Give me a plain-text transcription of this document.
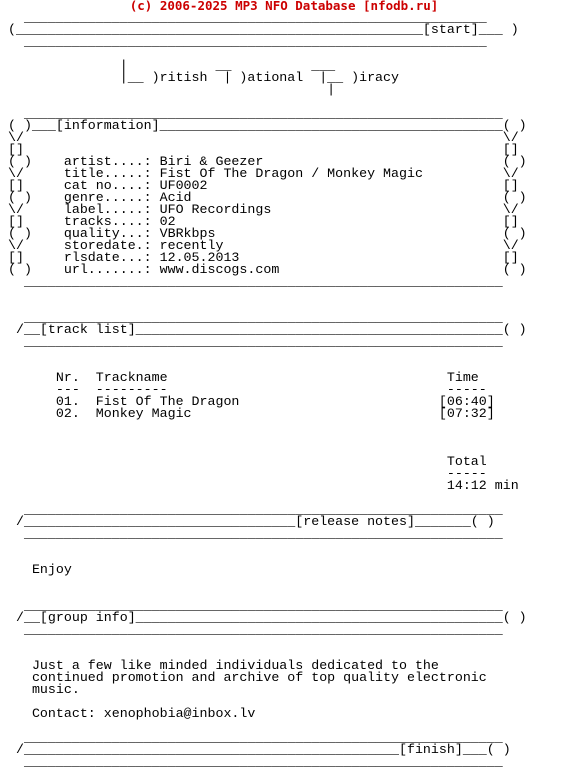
(c) 2006-2025 MP3 NFO Database [nfodb.ru]
__________________________________________________________
(___________________________________________________[start]___ )
__________________________________________________________

|           __          ___
|__ )ritish  | )ational  |__ )iracy
|

____________________________________________________________
( )___[information]___________________________________________( )
\/                                                            \/
[]                                                            []
( )    artist....: Biri & Geezer                              ( )
\/     title.....: Fist Of The Dragon / Monkey Magic          \/
[]     cat no....: UF0002                                     []
( )    genre.....: Acid                                       ( )
\/     label.....: UFO Recordings                             \/
[]     tracks....: 02                                         []
( )    quality...: VBRkbps                                    ( )
\/     storedate.: recently                                   \/
[]     rlsdate...: 12.05.2013                                 []
( )    url.......: www.discogs.com                            ( )
____________________________________________________________

____________________________________________________________
/__[track list]______________________________________________( )
____________________________________________________________

Nr.  Trackname                                   Time
---  ---------                                   -----
01.  Fist Of The Dragon                         [06:40]
02.  Monkey Magic                               [07:32]

Total
-----
14:12 min

____________________________________________________________
/__________________________________[release notes]_______( )
____________________________________________________________

Enjoy

____________________________________________________________
/__[group info]______________________________________________( )
____________________________________________________________

Just a few like minded individuals dedicated to the
continued promotion and archive of top quality electronic
music.

Contact: xenophobia@inbox.lv

____________________________________________________________
/_______________________________________________[finish]___( )
____________________________________________________________
